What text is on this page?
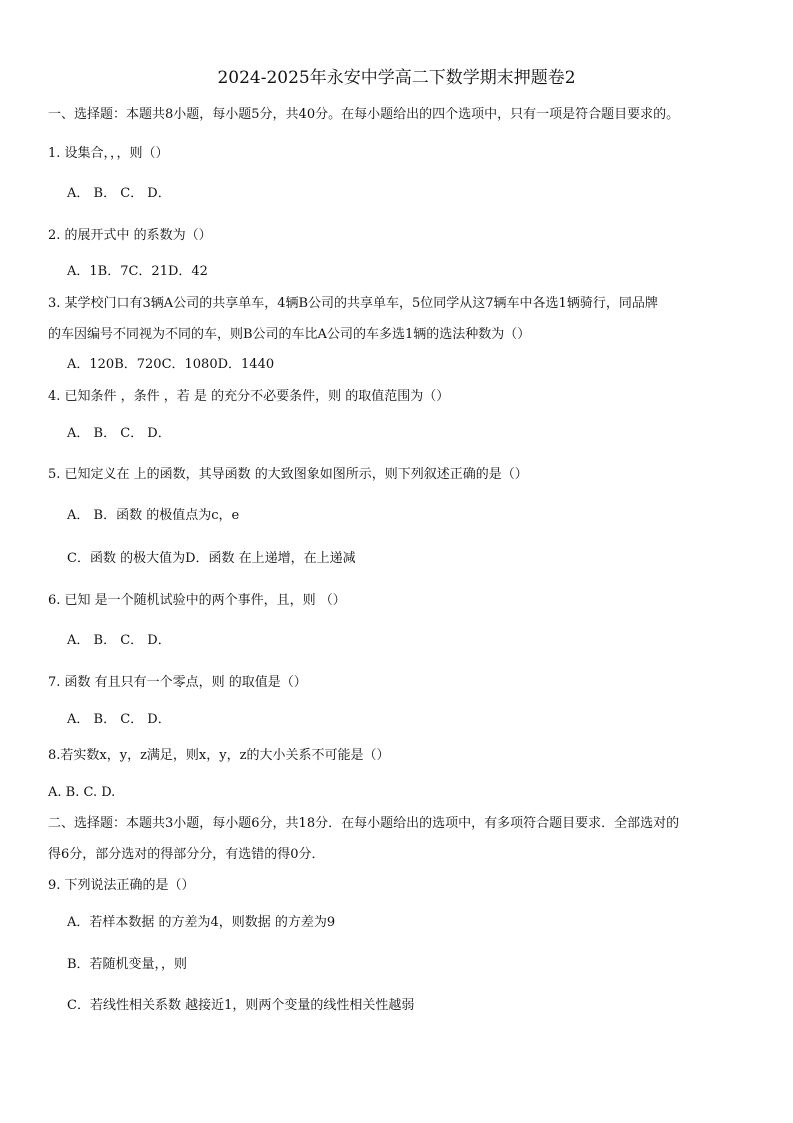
2024-2025年永安中学高二下数学期末押题卷2
一、选择题：本题共8小题，每小题5分，共40分。在每小题给出的四个选项中，只有一项是符合题目要求的。
1. 设集合，，，则（）
A． B． C． D．
2. 的展开式中 的系数为（）
A．1B．7C．21D．42
3. 某学校门口有3辆A公司的共享单车，4辆B公司的共享单车，5位同学从这7辆车中各选1辆骑行，同品牌
的车因编号不同视为不同的车，则B公司的车比A公司的车多选1辆的选法种数为（）
A．120B．720C．1080D．1440
4. 已知条件 ，条件 ，若 是 的充分不必要条件，则 的取值范围为（）
A． B． C． D．
5. 已知定义在 上的函数，其导函数 的大致图象如图所示，则下列叙述正确的是（）
A． B．函数 的极值点为c，e
C．函数 的极大值为D．函数 在上递增，在上递减
6. 已知 是一个随机试验中的两个事件，且，则 （）
A． B． C． D．
7. 函数 有且只有一个零点，则 的取值是（）
A． B． C． D．
8.若实数x，y，z满足，则x，y，z的大小关系不可能是（）
A. B. C. D.
二、选择题：本题共3小题，每小题6分，共18分．在每小题给出的选项中，有多项符合题目要求．全部选对的
得6分，部分选对的得部分分，有选错的得0分．
9. 下列说法正确的是（）
A．若样本数据 的方差为4，则数据 的方差为9
B．若随机变量，，则
C．若线性相关系数 越接近1，则两个变量的线性相关性越弱
